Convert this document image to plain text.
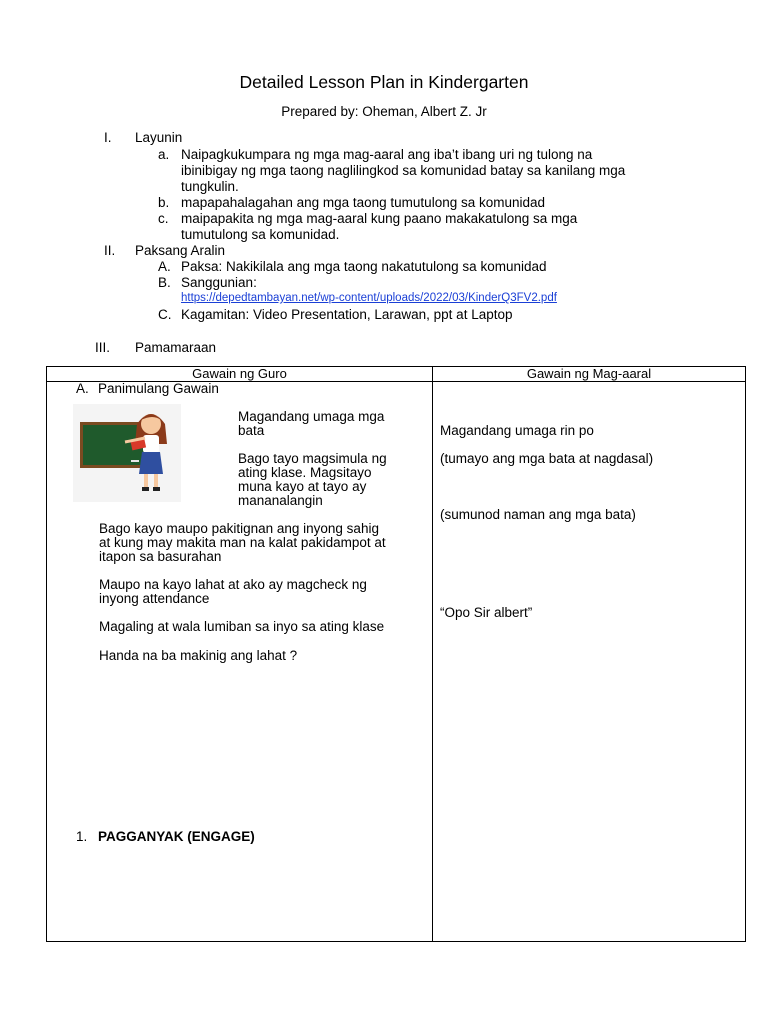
Detailed Lesson Plan in Kindergarten
Prepared by: Oheman, Albert Z. Jr
I. Layunin
a. Naipagkukumpara ng mga mag-aaral ang iba’t ibang uri ng tulong na
ibinibigay ng mga taong naglilingkod sa komunidad batay sa kanilang mga
tungkulin.
b. mapapahalagahan ang mga taong tumutulong sa komunidad
c. maipapakita ng mga mag-aaral kung paano makakatulong sa mga
tumutulong sa komunidad.
II. Paksang Aralin
A. Paksa: Nakikilala ang mga taong nakatutulong sa komunidad
B. Sanggunian:
https://depedtambayan.net/wp-content/uploads/2022/03/KinderQ3FV2.pdf
C. Kagamitan: Video Presentation, Larawan, ppt at Laptop
III. Pamamaraan
Gawain ng Guro	Gawain ng Mag-aaral
A. Panimulang Gawain
Magandang umaga mga
bata
Bago tayo magsimula ng
ating klase. Magsitayo
muna kayo at tayo ay
mananalangin
Bago kayo maupo pakitignan ang inyong sahig
at kung may makita man na kalat pakidampot at
itapon sa basurahan
Maupo na kayo lahat at ako ay magcheck ng
inyong attendance
Magaling at wala lumiban sa inyo sa ating klase
Handa na ba makinig ang lahat ?
1. PAGGANYAK (ENGAGE)
Magandang umaga rin po
(tumayo ang mga bata at nagdasal)
(sumunod naman ang mga bata)
“Opo Sir albert”
